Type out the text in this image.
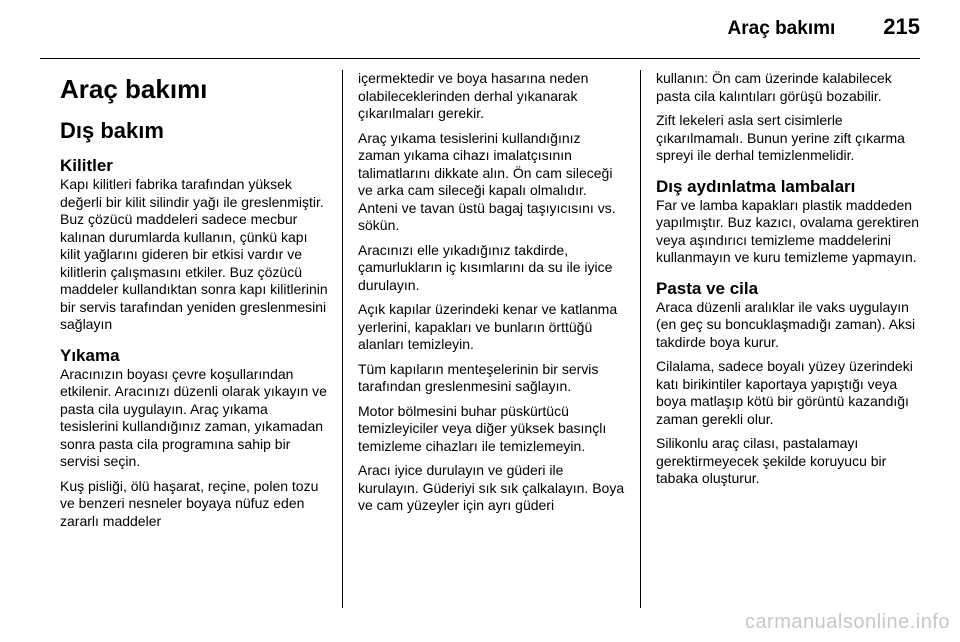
Araç bakımı 215
Araç bakımı
Dış bakım
Kilitler

Kapı kilitleri fabrika tarafından yüksek değerli bir kilit silindir yağı ile greslenmiştir. Buz çözücü maddeleri sadece mecbur kalınan durumlarda kullanın, çünkü kapı kilit yağlarını gideren bir etkisi vardır ve kilitlerin çalışmasını etkiler. Buz çözücü maddeler kullandıktan sonra kapı kilitlerinin bir servis tarafından yeniden greslenmesini sağlayın

Yıkama

Aracınızın boyası çevre koşullarından etkilenir. Aracınızı düzenli olarak yıkayın ve pasta cila uygulayın. Araç yıkama tesislerini kullandığınız zaman, yıkamadan sonra pasta cila programına sahip bir servisi seçin.

Kuş pisliği, ölü haşarat, reçine, polen tozu ve benzeri nesneler boyaya nüfuz eden zararlı maddeler

içermektedir ve boya hasarına neden olabileceklerinden derhal yıkanarak çıkarılmaları gerekir.

Araç yıkama tesislerini kullandığınız zaman yıkama cihazı imalatçısının talimatlarını dikkate alın. Ön cam sileceği ve arka cam sileceği kapalı olmalıdır. Anteni ve tavan üstü bagaj taşıyıcısını vs. sökün.

Aracınızı elle yıkadığınız takdirde, çamurlukların iç kısımlarını da su ile iyice durulayın.

Açık kapılar üzerindeki kenar ve katlanma yerlerini, kapakları ve bunların örttüğü alanları temizleyin.

Tüm kapıların menteşelerinin bir servis tarafından greslenmesini sağlayın.

Motor bölmesini buhar püskürtücü temizleyiciler veya diğer yüksek basınçlı temizleme cihazları ile temizlemeyin.

Aracı iyice durulayın ve güderi ile kurulayın. Güderiyi sık sık çalkalayın. Boya ve cam yüzeyler için ayrı güderi

kullanın: Ön cam üzerinde kalabilecek pasta cila kalıntıları görüşü bozabilir.

Zift lekeleri asla sert cisimlerle çıkarılmamalı. Bunun yerine zift çıkarma spreyi ile derhal temizlenmelidir.

Dış aydınlatma lambaları

Far ve lamba kapakları plastik maddeden yapılmıştır. Buz kazıcı, ovalama gerektiren veya aşındırıcı temizleme maddelerini kullanmayın ve kuru temizleme yapmayın.

Pasta ve cila

Araca düzenli aralıklar ile vaks uygulayın (en geç su boncuklaşmadığı zaman). Aksi takdirde boya kurur.

Cilalama, sadece boyalı yüzey üzerindeki katı birikintiler kaportaya yapıştığı veya boya matlaşıp kötü bir görüntü kazandığı zaman gerekli olur.

Silikonlu araç cilası, pastalamayı gerektirmeyecek şekilde koruyucu bir tabaka oluşturur.

carmanualsonline.info
